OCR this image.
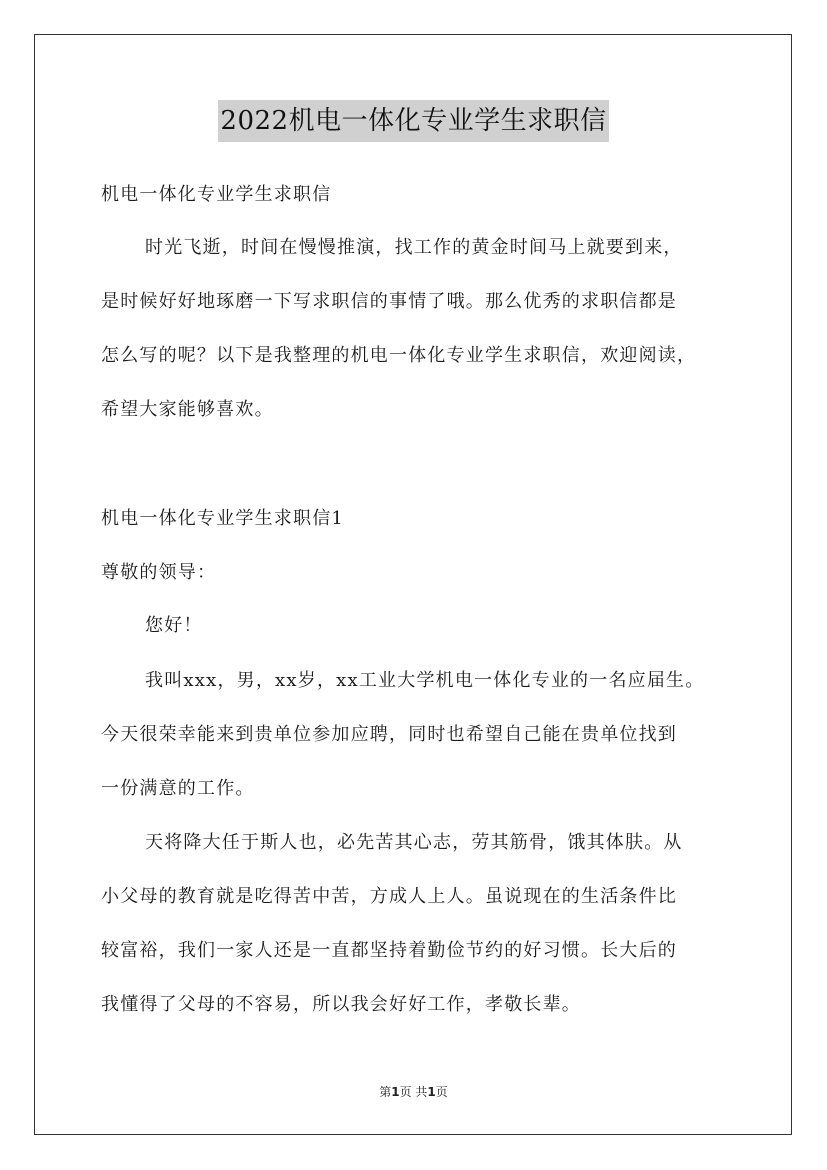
2022机电一体化专业学生求职信
机电一体化专业学生求职信
时光飞逝，时间在慢慢推演，找工作的黄金时间马上就要到来，
是时候好好地琢磨一下写求职信的事情了哦。那么优秀的求职信都是
怎么写的呢？以下是我整理的机电一体化专业学生求职信，欢迎阅读，
希望大家能够喜欢。
机电一体化专业学生求职信1
尊敬的领导：
您好！
我叫xxx，男，xx岁，xx工业大学机电一体化专业的一名应届生。
今天很荣幸能来到贵单位参加应聘，同时也希望自己能在贵单位找到
一份满意的工作。
天将降大任于斯人也，必先苦其心志，劳其筋骨，饿其体肤。从
小父母的教育就是吃得苦中苦，方成人上人。虽说现在的生活条件比
较富裕，我们一家人还是一直都坚持着勤俭节约的好习惯。长大后的
我懂得了父母的不容易，所以我会好好工作，孝敬长辈。
第1页 共1页
